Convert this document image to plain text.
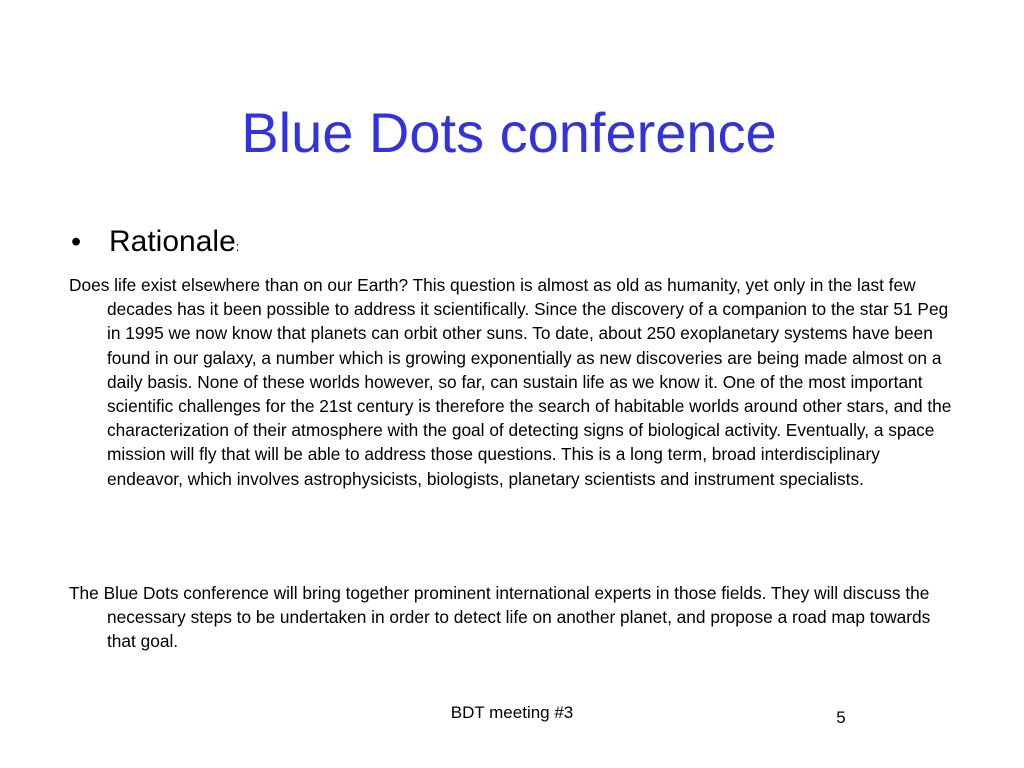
Blue Dots conference
• Rationale :

Does life exist elsewhere than on our Earth? This question is almost as old as humanity, yet only in the last few decades has it been possible to address it scientifically. Since the discovery of a companion to the star 51 Peg in 1995 we now know that planets can orbit other suns. To date, about 250 exoplanetary systems have been found in our galaxy, a number which is growing exponentially as new discoveries are being made almost on a daily basis. None of these worlds however, so far, can sustain life as we know it. One of the most important scientific challenges for the 21st century is therefore the search of habitable worlds around other stars, and the characterization of their atmosphere with the goal of detecting signs of biological activity. Eventually, a space mission will fly that will be able to address those questions. This is a long term, broad interdisciplinary endeavor, which involves astrophysicists, biologists, planetary scientists and instrument specialists.

The Blue Dots conference will bring together prominent international experts in those fields. They will discuss the necessary steps to be undertaken in order to detect life on another planet, and propose a road map towards that goal.

BDT meeting #3	5
